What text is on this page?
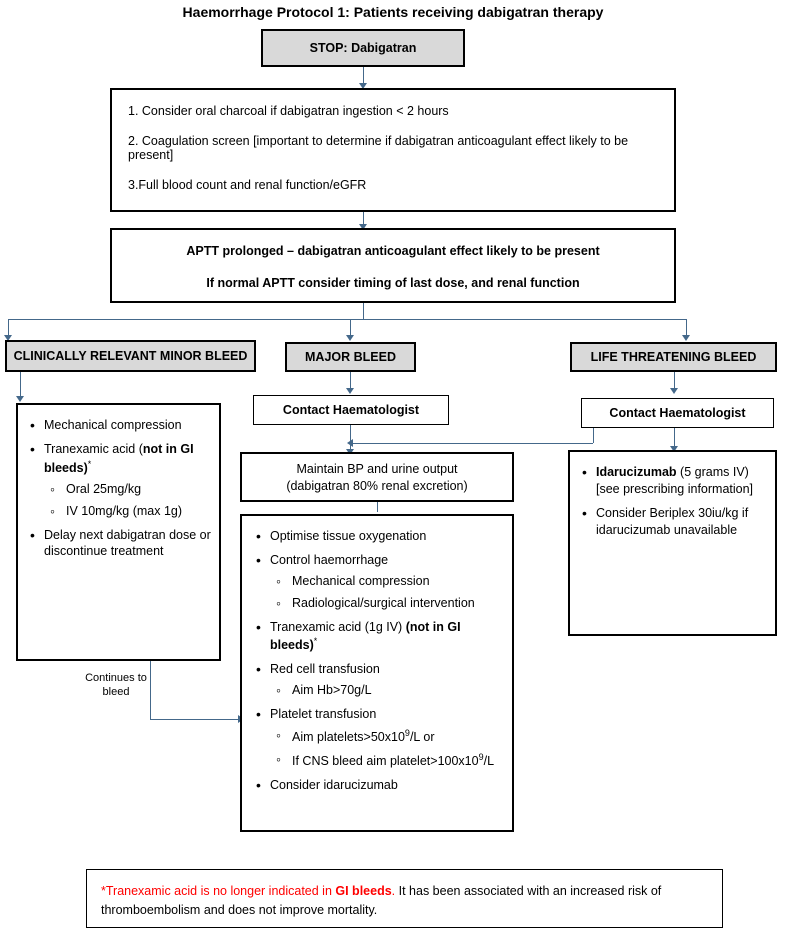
Haemorrhage Protocol 1: Patients receiving dabigatran therapy
STOP: Dabigatran
1. Consider oral charcoal if dabigatran ingestion < 2 hours
2. Coagulation screen [important to determine if dabigatran anticoagulant effect likely to be present]
3.Full blood count and renal function/eGFR
APTT prolonged – dabigatran anticoagulant effect likely to be present
If normal APTT consider timing of last dose, and renal function
CLINICALLY RELEVANT MINOR BLEED	MAJOR BLEED	LIFE THREATENING BLEED
Contact Haematologist	Contact Haematologist
• Mechanical compression
• Tranexamic acid (not in GI bleeds)*
◦ Oral 25mg/kg
◦ IV 10mg/kg (max 1g)
• Delay next dabigatran dose or discontinue treatment
Continues to bleed
Maintain BP and urine output
(dabigatran 80% renal excretion)
• Optimise tissue oxygenation
• Control haemorrhage
◦ Mechanical compression
◦ Radiological/surgical intervention
• Tranexamic acid (1g IV) (not in GI bleeds)*
• Red cell transfusion
◦ Aim Hb>70g/L
• Platelet transfusion
◦ Aim $platelets>50x10^9/L$ or
◦ If CNS bleed aim $platelet>100x10^9/L$
• Consider idarucizumab
• Idarucizumab (5 grams IV) [see prescribing information]
• Consider Beriplex 30iu/kg if idarucizumab unavailable
*Tranexamic acid is no longer indicated in GI bleeds. It has been associated with an increased risk of thromboembolism and does not improve mortality.
